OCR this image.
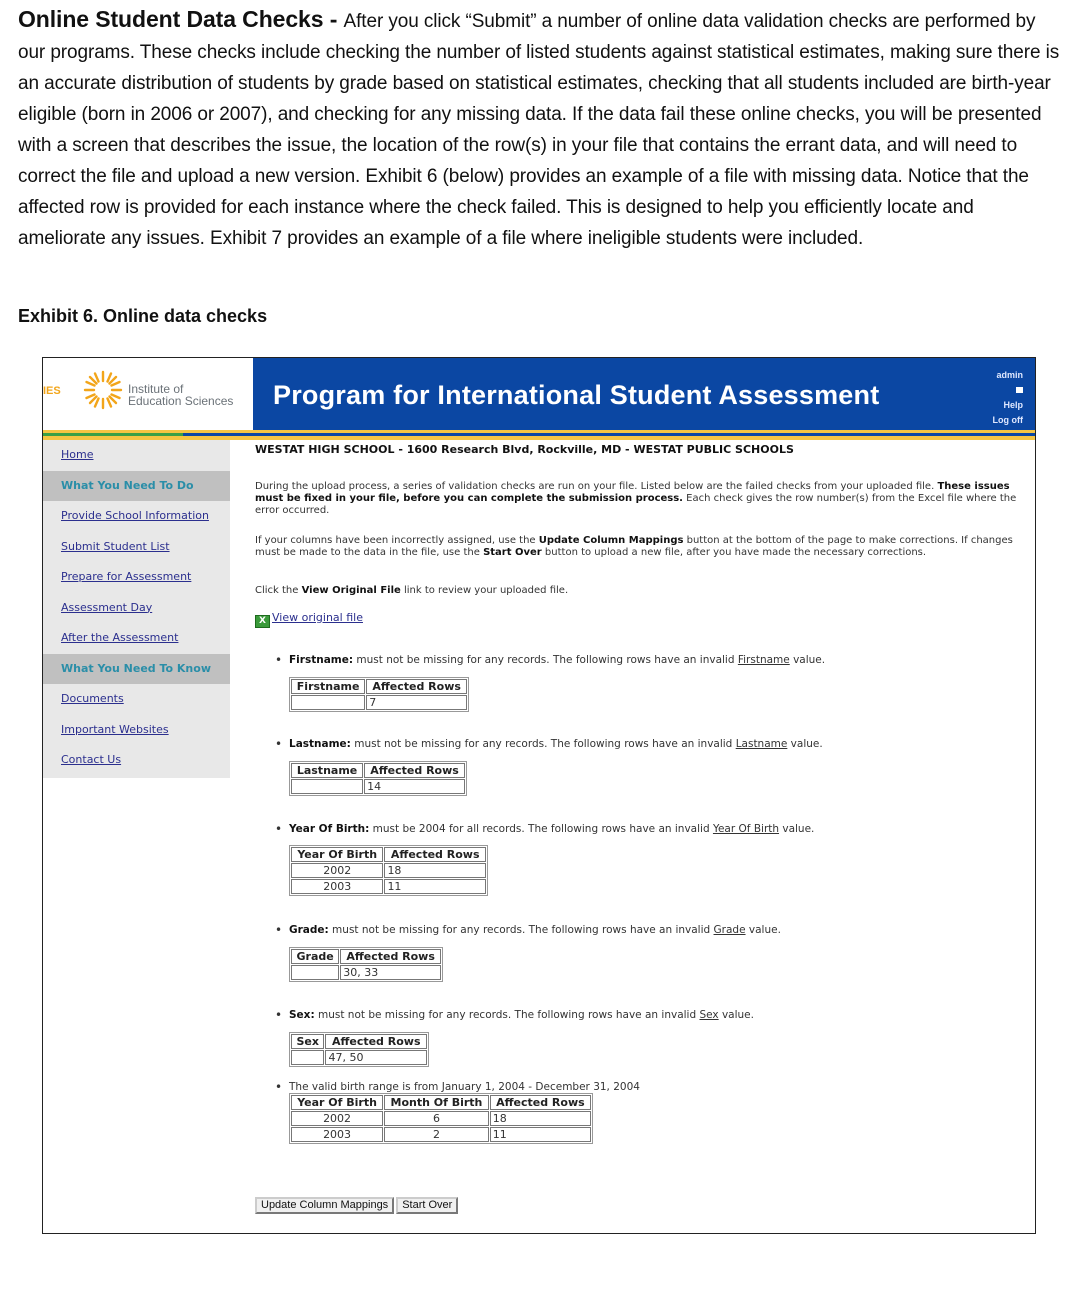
Online Student Data Checks - After you click “Submit” a number of online data validation checks are performed by our programs. These checks include checking the number of listed students against statistical estimates, making sure there is an accurate distribution of students by grade based on statistical estimates, checking that all students included are birth-year eligible (born in 2006 or 2007), and checking for any missing data. If the data fail these online checks, you will be presented with a screen that describes the issue, the location of the row(s) in your file that contains the errant data, and will need to correct the file and upload a new version. Exhibit 6 (below) provides an example of a file with missing data. Notice that the affected row is provided for each instance where the check failed. This is designed to help you efficiently locate and ameliorate any issues. Exhibit 7 provides an example of a file where ineligible students were included.
Exhibit 6. Online data checks
IES	Institute of
Education Sciences Program for International Student Assessment
admin
Help
Log off
Home
What You Need To Do
Provide School Information
Submit Student List
Prepare for Assessment
Assessment Day
After the Assessment
What You Need To Know
Documents
Important Websites
Contact Us
WESTAT HIGH SCHOOL - 1600 Research Blvd, Rockville, MD - WESTAT PUBLIC SCHOOLS
During the upload process, a series of validation checks are run on your file. Listed below are the failed checks from your uploaded file. These issues must be fixed in your file, before you can complete the submission process. Each check gives the row number(s) from the Excel file where the error occurred.
If your columns have been incorrectly assigned, use the Update Column Mappings button at the bottom of the page to make corrections. If changes must be made to the data in the file, use the Start Over button to upload a new file, after you have made the necessary corrections.
Click the View Original File link to review your uploaded file.
X View original file
• Firstname: must not be missing for any records. The following rows have an invalid Firstname value.
Firstname	Affected Rows
	7
• Lastname: must not be missing for any records. The following rows have an invalid Lastname value.
Lastname	Affected Rows
	14
• Year Of Birth: must be 2004 for all records. The following rows have an invalid Year Of Birth value.
Year Of Birth	Affected Rows
2002	18
2003	11
• Grade: must not be missing for any records. The following rows have an invalid Grade value.
Grade	Affected Rows
	30, 33
• Sex: must not be missing for any records. The following rows have an invalid Sex value.
Sex	Affected Rows
	47, 50
• The valid birth range is from January 1, 2004 - December 31, 2004
Year Of Birth	Month Of Birth	Affected Rows
2002	6	18
2003	2	11
Update Column Mappings Start Over
